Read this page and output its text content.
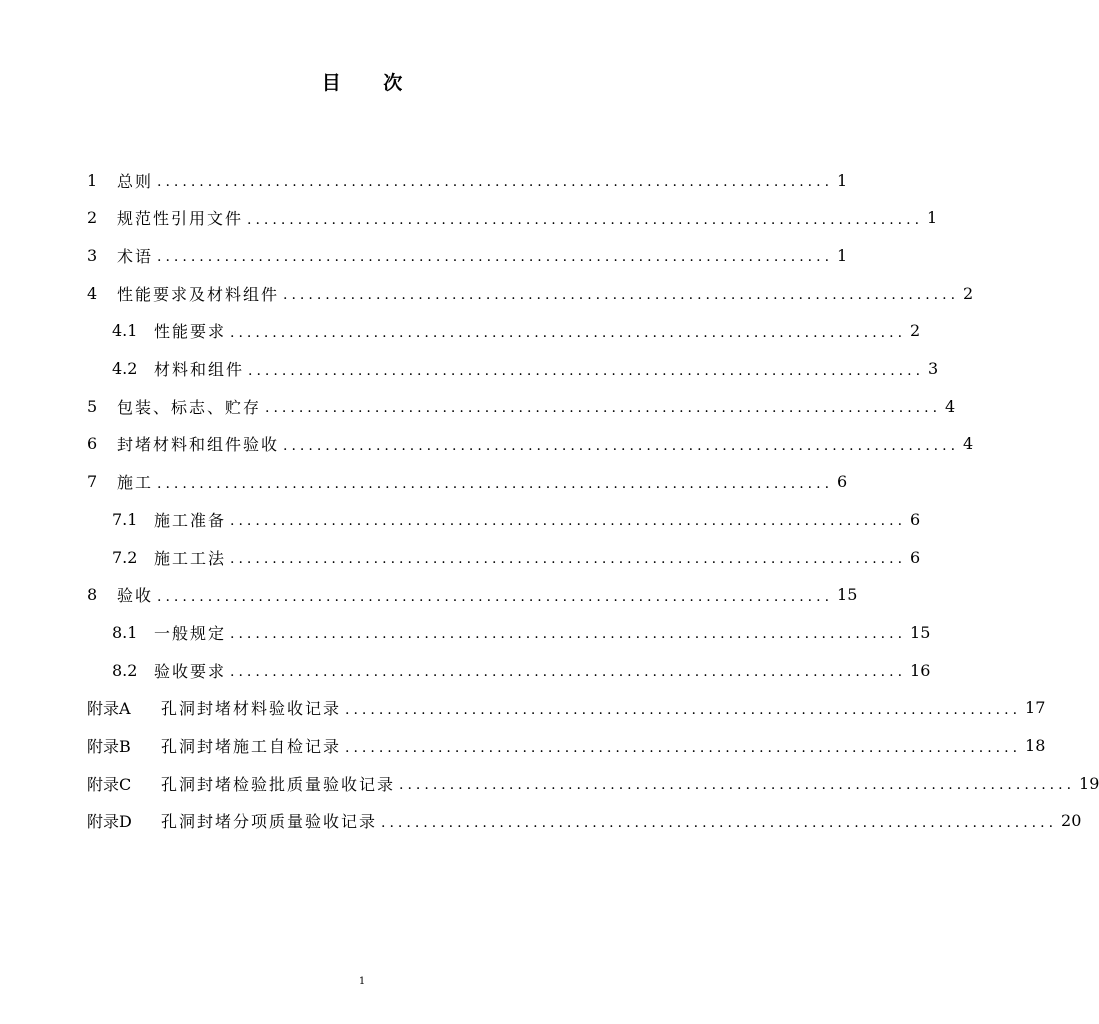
目 次
1	总则 ................................................................................ 1
2	规范性引用文件 ................................................................................ 1
3	术语 ................................................................................ 1
4	性能要求及材料组件 ................................................................................ 2
4.1	性能要求 ................................................................................ 2
4.2	材料和组件 ................................................................................ 3
5	包装、标志、贮存 ................................................................................ 4
6	封堵材料和组件验收 ................................................................................ 4
7	施工 ................................................................................ 6
7.1	施工准备 ................................................................................ 6
7.2	施工工法 ................................................................................ 6
8	验收 ................................................................................ 15
8.1	一般规定 ................................................................................ 15
8.2	验收要求 ................................................................................ 16
附录A	孔洞封堵材料验收记录 ................................................................................ 17
附录B	孔洞封堵施工自检记录 ................................................................................ 18
附录C	孔洞封堵检验批质量验收记录 ................................................................................ 19
附录D	孔洞封堵分项质量验收记录 ................................................................................ 20
1
